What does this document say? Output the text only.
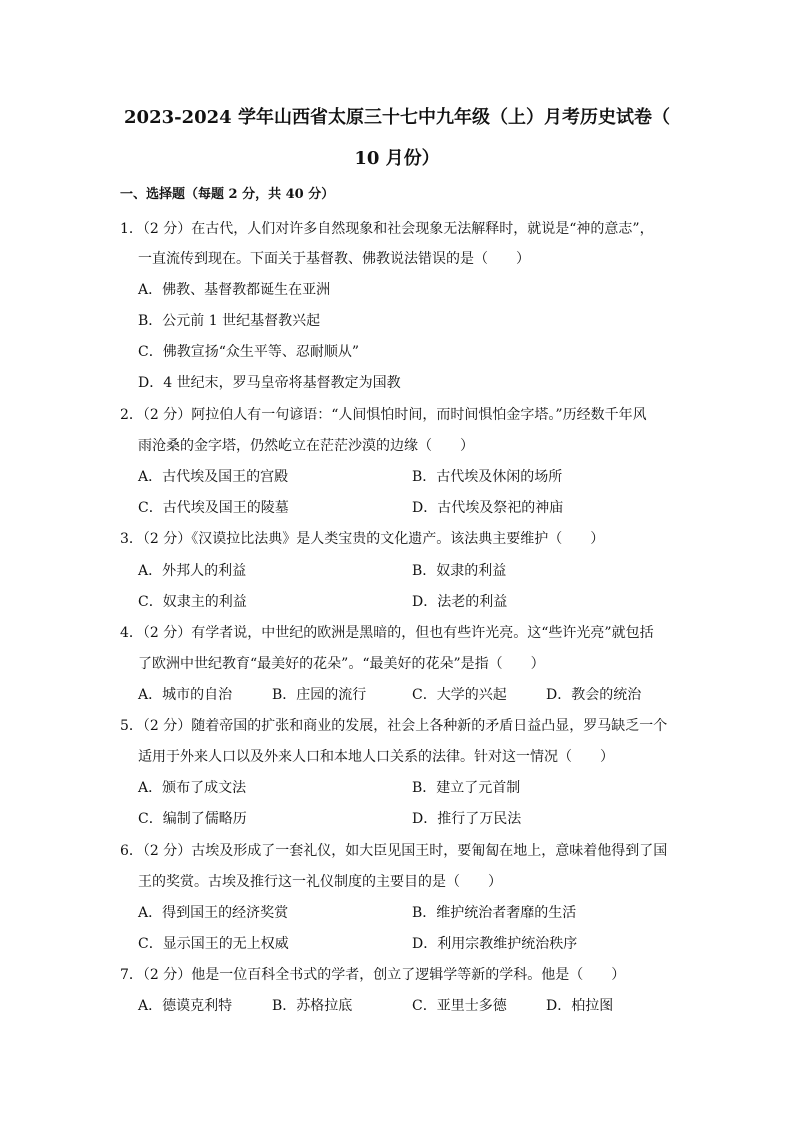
2023-2024 学年山西省太原三十七中九年级（上）月考历史试卷（
10 月份）
一、选择题（每题 2 分，共 40 分）
1．（2 分）在古代，人们对许多自然现象和社会现象无法解释时，就说是“神的意志”，
一直流传到现在。下面关于基督教、佛教说法错误的是（　　）
A．佛教、基督教都诞生在亚洲
B．公元前 1 世纪基督教兴起
C．佛教宣扬“众生平等、忍耐顺从”
D．4 世纪末，罗马皇帝将基督教定为国教
2．（2 分）阿拉伯人有一句谚语：“人间惧怕时间，而时间惧怕金字塔。”历经数千年风
雨沧桑的金字塔，仍然屹立在茫茫沙漠的边缘（　　）
A．古代埃及国王的宫殿	B．古代埃及休闲的场所
C．古代埃及国王的陵墓	D．古代埃及祭祀的神庙
3．（2 分）《汉谟拉比法典》是人类宝贵的文化遗产。该法典主要维护（　　）
A．外邦人的利益	B．奴隶的利益
C．奴隶主的利益	D．法老的利益
4．（2 分）有学者说，中世纪的欧洲是黑暗的，但也有些许光亮。这“些许光亮”就包括
了欧洲中世纪教育“最美好的花朵”。“最美好的花朵”是指（　　）
A．城市的自治	B．庄园的流行	C．大学的兴起	D．教会的统治
5．（2 分）随着帝国的扩张和商业的发展，社会上各种新的矛盾日益凸显，罗马缺乏一个
适用于外来人口以及外来人口和本地人口关系的法律。针对这一情况（　　）
A．颁布了成文法	B．建立了元首制
C．编制了儒略历	D．推行了万民法
6．（2 分）古埃及形成了一套礼仪，如大臣见国王时，要匍匐在地上，意味着他得到了国
王的奖赏。古埃及推行这一礼仪制度的主要目的是（　　）
A．得到国王的经济奖赏	B．维护统治者奢靡的生活
C．显示国王的无上权威	D．利用宗教维护统治秩序
7．（2 分）他是一位百科全书式的学者，创立了逻辑学等新的学科。他是（　　）
A．德谟克利特	B．苏格拉底	C．亚里士多德	D．柏拉图
